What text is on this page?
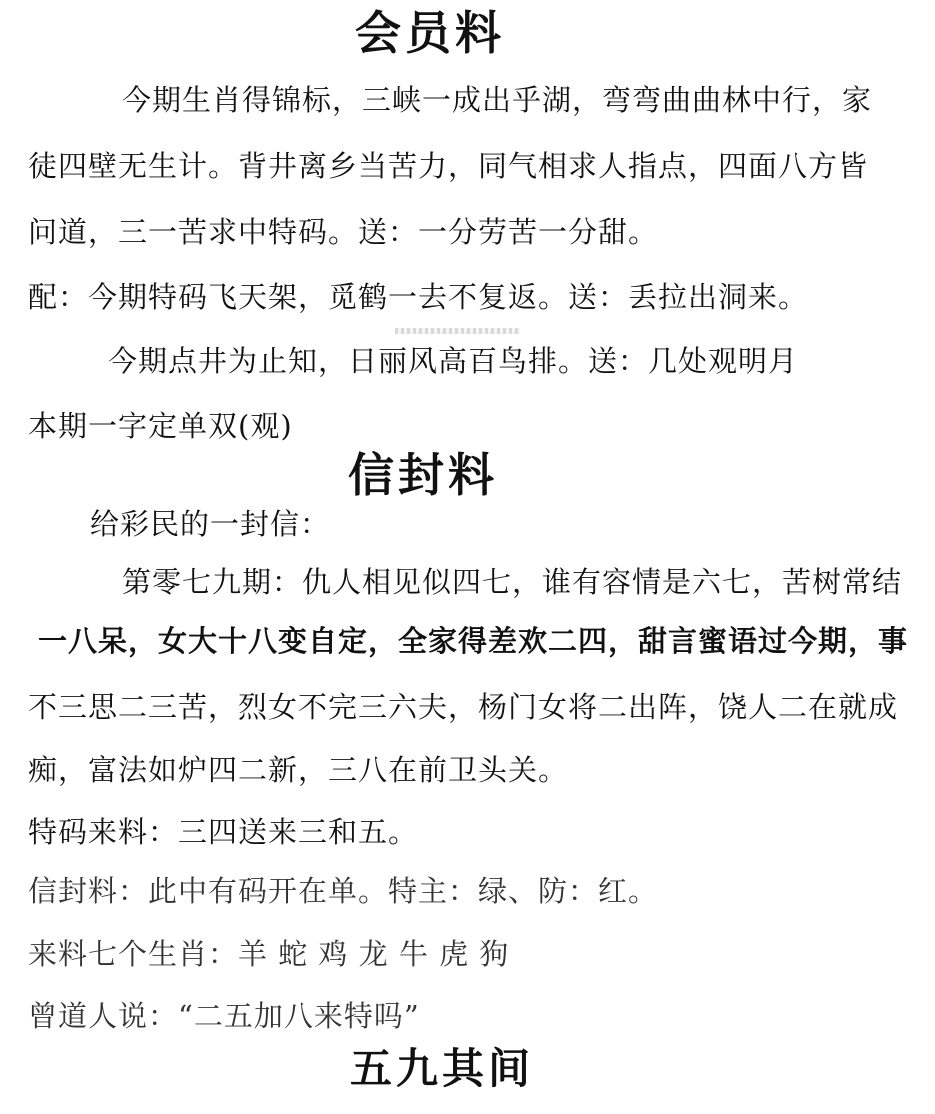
会员料
今期生肖得锦标，三峡一成出乎湖，弯弯曲曲林中行，家
徒四壁无生计。背井离乡当苦力，同气相求人指点，四面八方皆
问道，三一苦求中特码。送：一分劳苦一分甜。
配：今期特码飞天架，觅鹤一去不复返。送：丢拉出洞来。
今期点井为止知，日丽风高百鸟排。送：几处观明月
本期一字定单双(观)
信封料
给彩民的一封信：
第零七九期：仇人相见似四七，谁有容情是六七，苦树常结
一八呆，女大十八变自定，全家得差欢二四，甜言蜜语过今期，事
不三思二三苦，烈女不完三六夫，杨门女将二出阵，饶人二在就成
痴，富法如炉四二新，三八在前卫头关。
特码来料：三四送来三和五。
信封料：此中有码开在单。特主：绿、防：红。
来料七个生肖：羊 蛇 鸡 龙 牛 虎 狗
曾道人说：“二五加八来特吗”
五九其间
